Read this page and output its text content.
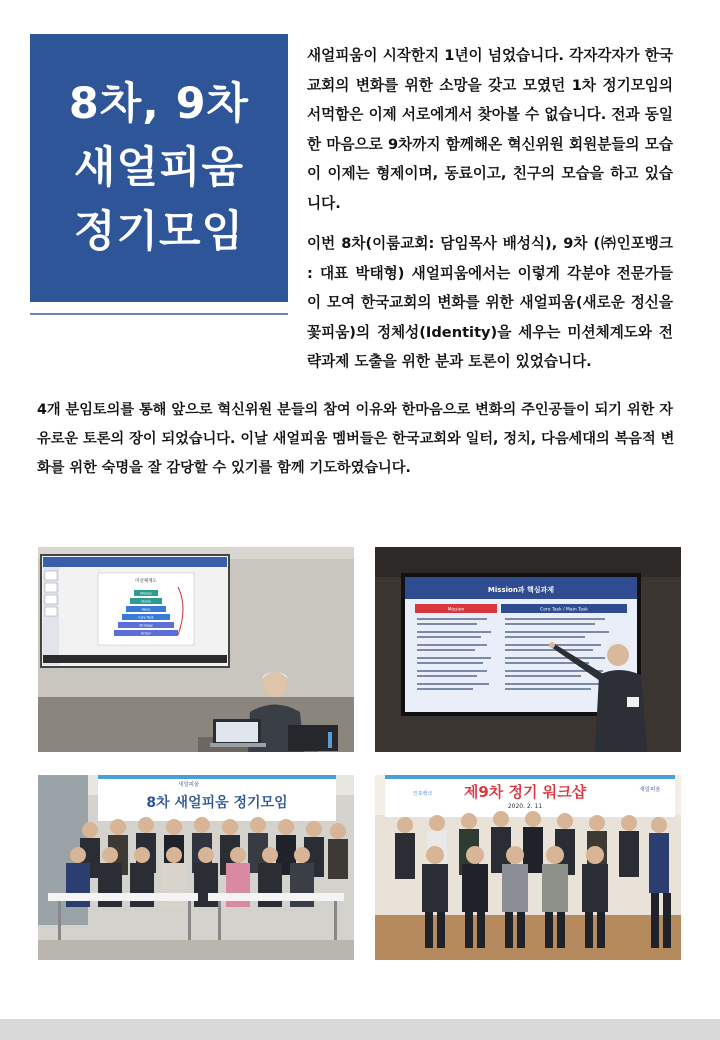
8차, 9차
새얼피움
정기모임
새얼피움이 시작한지 1년이 넘었습니다. 각자각자가 한국교회의 변화를 위한 소망을 갖고 모였던 1차 정기모임의 서먹함은 이제 서로에게서 찾아볼 수 없습니다. 전과 동일한 마음으로 9차까지 함께해온 혁신위원 회원분들의 모습이 이제는 형제이며, 동료이고, 친구의 모습을 하고 있습니다.
이번 8차(이룸교회: 담임목사 배성식), 9차 (㈜인포뱅크 : 대표 박태형) 새얼피움에서는 이렇게 각분야 전문가들이 모여 한국교회의 변화를 위한 새얼피움(새로운 정신을 꽃피움)의 정체성(Identity)을 세우는 미션체계도와 전략과제 도출을 위한 분과 토론이 있었습니다.
4개 분임토의를 통해 앞으로 혁신위원 분들의 참여 이유와 한마음으로 변화의 주인공들이 되기 위한 자유로운 토론의 장이 되었습니다. 이날 새얼피움 멤버들은 한국교회와 일터, 정치, 다음세대의 복음적 변화를 위한 숙명을 잘 감당할 수 있기를 함께 기도하였습니다.
미션체계도
Mission
Vision
Value
Core Task
Strategy
Action
Mission과 핵심과제
Mission	Core Task / Main Task
새얼피움
8차 새얼피움 정기모임
인포뱅크 제9차 정기 워크샵
2020. 2. 11
새얼피움
